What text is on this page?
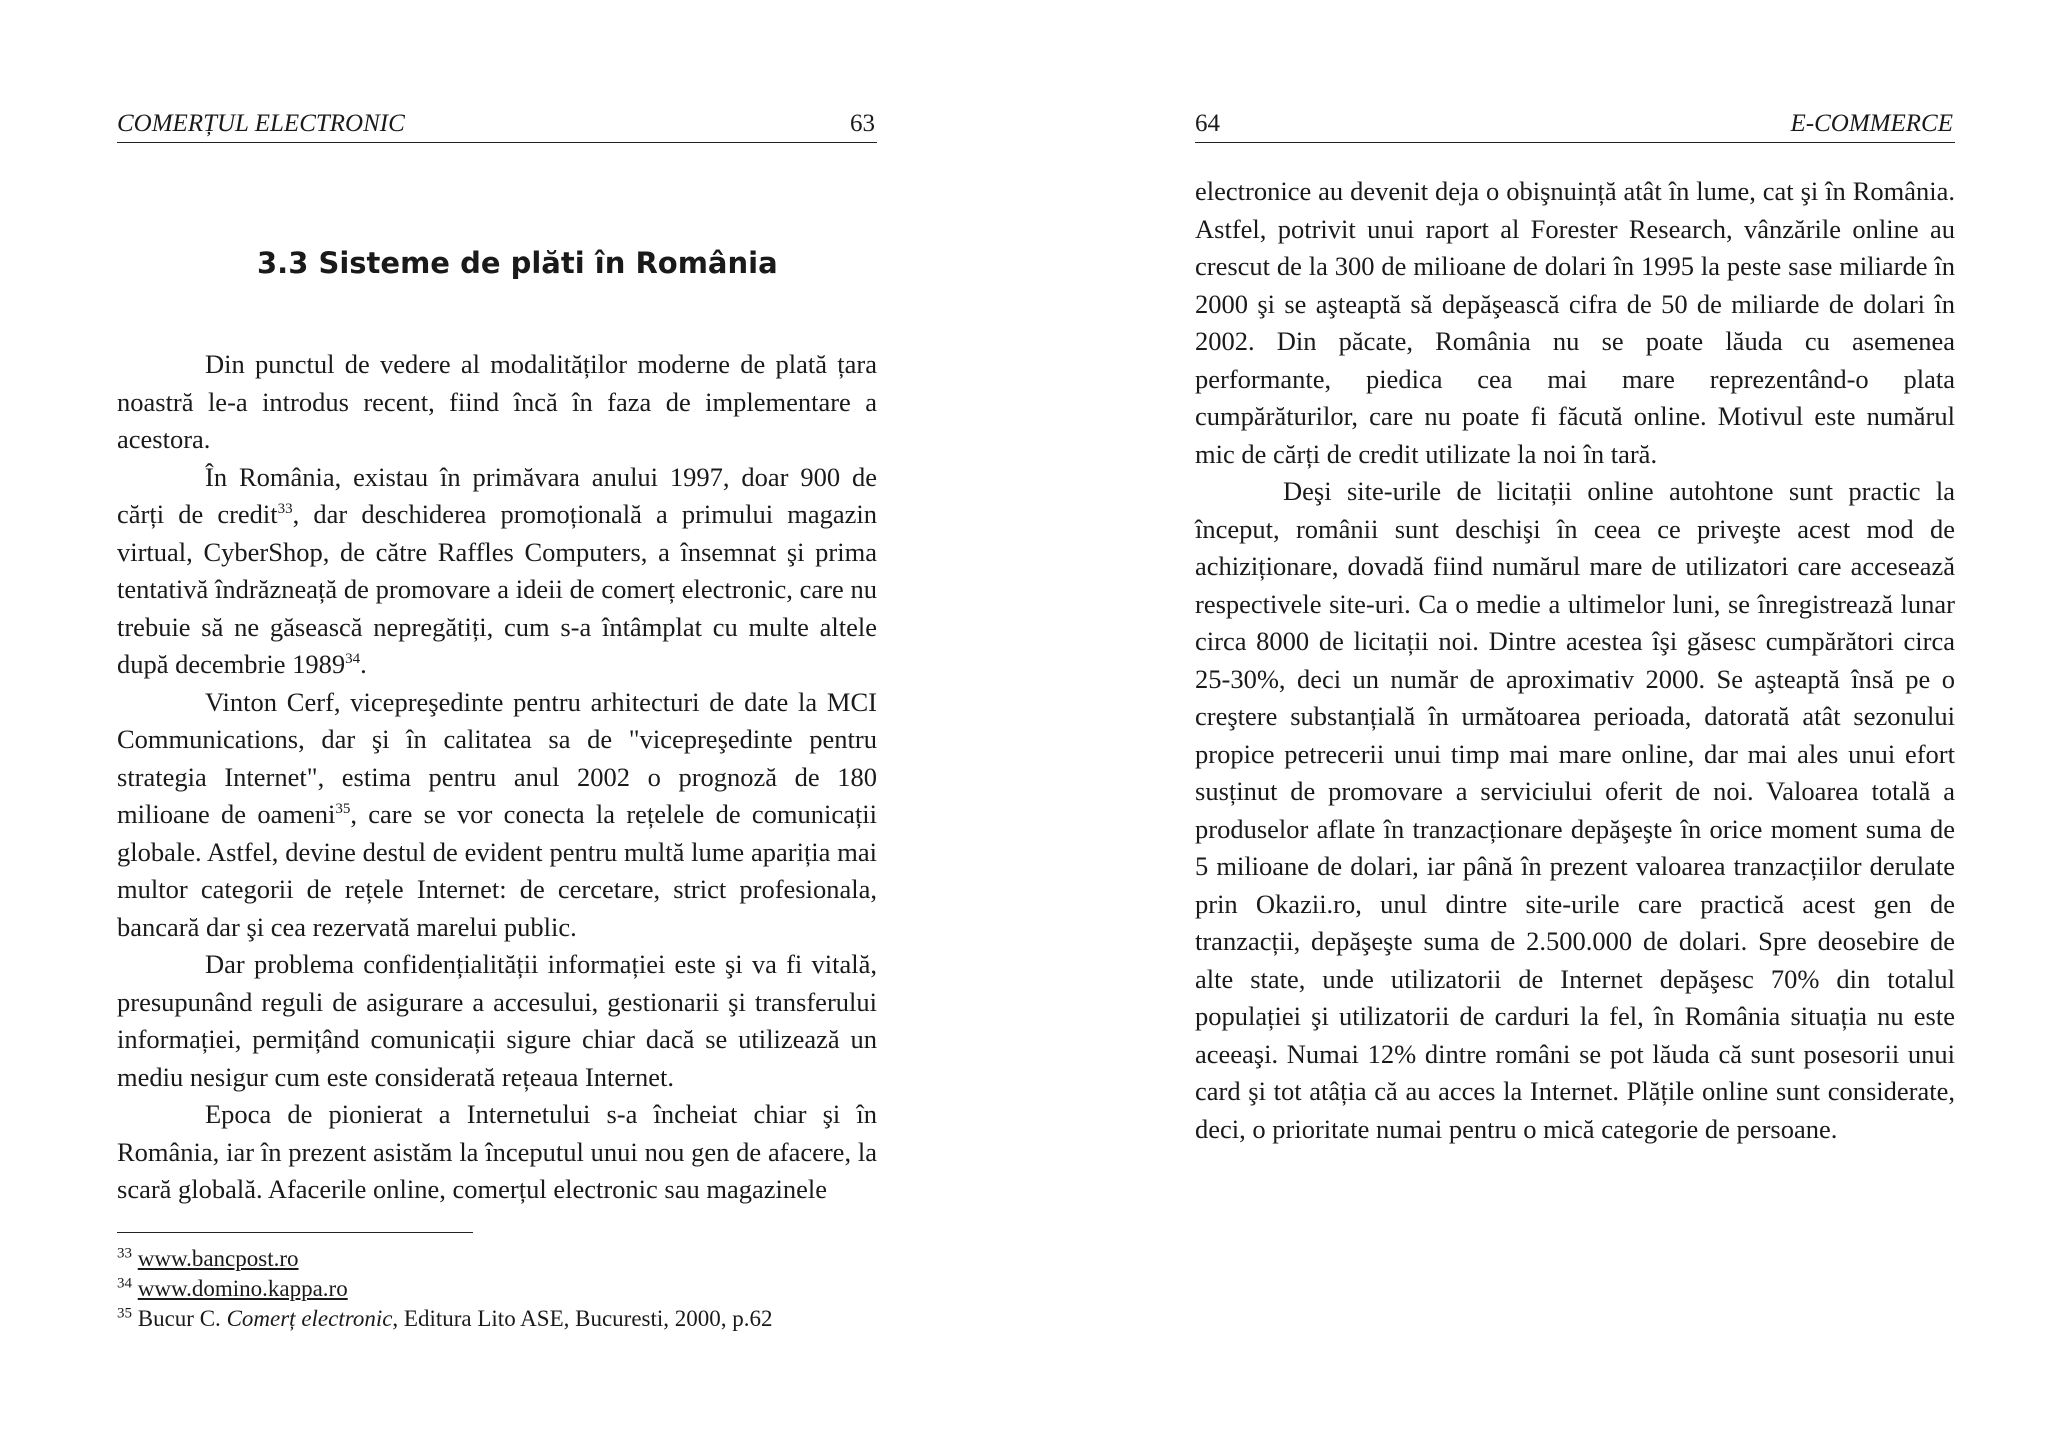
COMERȚUL ELECTRONIC	63
3.3 Sisteme de plăti în România

Din punctul de vedere al modalităților moderne de plată țara noastră le-a introdus recent, fiind încă în faza de implementare a acestora.

În România, existau în primăvara anului 1997, doar 900 de cărți de credit$^{33}$, dar deschiderea promoțională a primului magazin virtual, CyberShop, de către Raffles Computers, a însemnat şi prima tentativă îndrăzneață de promovare a ideii de comerț electronic, care nu trebuie să ne găsească nepregătiți, cum s-a întâmplat cu multe altele după decembrie 1989$^{34}$.

Vinton Cerf, vicepreşedinte pentru arhitecturi de date la MCI Communications, dar şi în calitatea sa de "vicepreşedinte pentru strategia Internet", estima pentru anul 2002 o prognoză de 180 milioane de oameni$^{35}$, care se vor conecta la rețelele de comunicații globale. Astfel, devine destul de evident pentru multă lume apariția mai multor categorii de rețele Internet: de cercetare, strict profesionala, bancară dar şi cea rezervată marelui public.

Dar problema confidențialității informației este şi va fi vitală, presupunând reguli de asigurare a accesului, gestionarii şi transferului informației, permițând comunicații sigure chiar dacă se utilizează un mediu nesigur cum este considerată rețeaua Internet.

Epoca de pionierat a Internetului s-a încheiat chiar şi în România, iar în prezent asistăm la începutul unui nou gen de afacere, la scară globală. Afacerile online, comerțul electronic sau magazinele

$^{33}$ www.bancpost.ro
$^{34}$ www.domino.kappa.ro
$^{35}$ Bucur C. Comerț electronic, Editura Lito ASE, Bucuresti, 2000, p.62
64	E-COMMERCE

electronice au devenit deja o obişnuință atât în lume, cat şi în România. Astfel, potrivit unui raport al Forester Research, vânzările online au crescut de la 300 de milioane de dolari în 1995 la peste sase miliarde în 2000 şi se aşteaptă să depăşească cifra de 50 de miliarde de dolari în 2002. Din păcate, România nu se poate lăuda cu asemenea performante, piedica cea mai mare reprezentând-o plata cumpărăturilor, care nu poate fi făcută online. Motivul este numărul mic de cărți de credit utilizate la noi în tară.

Deşi site-urile de licitații online autohtone sunt practic la început, românii sunt deschişi în ceea ce priveşte acest mod de achiziționare, dovadă fiind numărul mare de utilizatori care accesează respectivele site-uri. Ca o medie a ultimelor luni, se înregistrează lunar circa 8000 de licitații noi. Dintre acestea îşi găsesc cumpărători circa 25-30%, deci un număr de aproximativ 2000. Se aşteaptă însă pe o creştere substanțială în următoarea perioada, datorată atât sezonului propice petrecerii unui timp mai mare online, dar mai ales unui efort susținut de promovare a serviciului oferit de noi. Valoarea totală a produselor aflate în tranzacționare depăşeşte în orice moment suma de 5 milioane de dolari, iar până în prezent valoarea tranzacțiilor derulate prin Okazii.ro, unul dintre site-urile care practică acest gen de tranzacții, depăşeşte suma de 2.500.000 de dolari. Spre deosebire de alte state, unde utilizatorii de Internet depăşesc 70% din totalul populației şi utilizatorii de carduri la fel, în România situația nu este aceeaşi. Numai 12% dintre români se pot lăuda că sunt posesorii unui card şi tot atâția că au acces la Internet. Plățile online sunt considerate, deci, o prioritate numai pentru o mică categorie de persoane.
